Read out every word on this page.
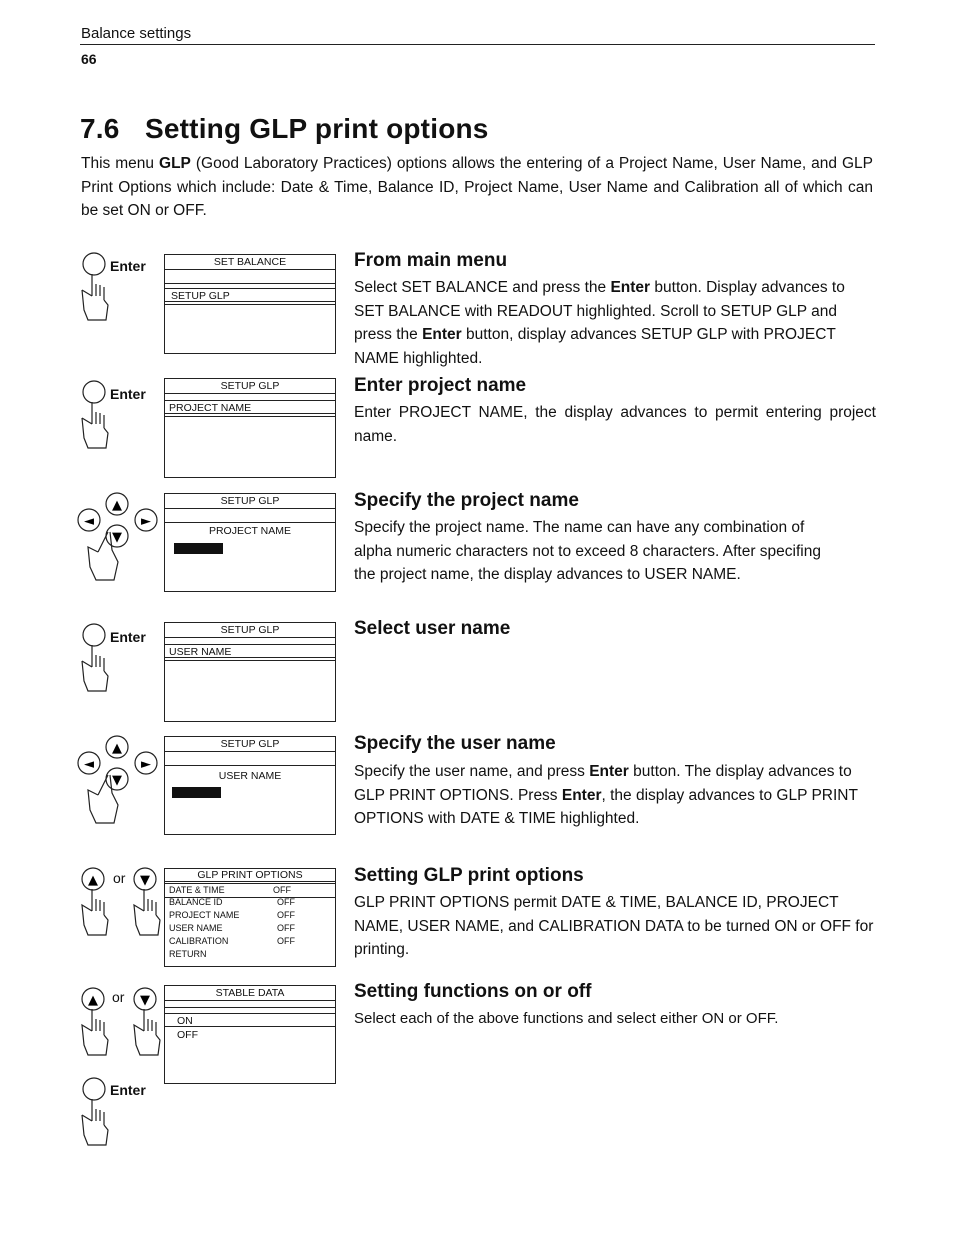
Balance settings
66
7.6 Setting GLP print options
This menu GLP (Good Laboratory Practices) options allows the entering of a Project Name, User Name, and GLP Print Options which include: Date & Time, Balance ID, Project Name, User Name and Calibration all of which can be set ON or OFF.
From main menu
Select SET BALANCE and press the Enter button. Display advances to SET BALANCE with READOUT highlighted. Scroll to SETUP GLP and press the Enter button, display advances SETUP GLP with PROJECT NAME highlighted.
Enter	SET BALANCE
SETUP GLP
Enter project name
Enter PROJECT NAME, the display advances to permit entering project name.
Enter	SETUP GLP
PROJECT NAME
Specify the project name
Specify the project name. The name can have any combination of alpha numeric characters not to exceed 8 characters. After specifing the project name, the display advances to USER NAME.
▲
◄	►
▼
SETUP GLP
PROJECT NAME
Select user name
Enter	SETUP GLP
USER NAME
Specify the user name
Specify the user name, and press Enter button. The display advances to GLP PRINT OPTIONS. Press Enter, the display advances to GLP PRINT OPTIONS with DATE & TIME highlighted.
▲
◄	►
▼
SETUP GLP
USER NAME
Setting GLP print options
GLP PRINT OPTIONS permit DATE & TIME, BALANCE ID, PROJECT NAME, USER NAME, and CALIBRATION DATA to be turned ON or OFF for printing.
▲	▼
or	GLP PRINT OPTIONS
DATE & TIME	OFF
BALANCE ID	OFF
PROJECT NAME	OFF
USER NAME	OFF
CALIBRATION	OFF
RETURN
Setting functions on or off
Select each of the above functions and select either ON or OFF.
▲	▼
or	STABLE DATA
ON
OFF
Enter
